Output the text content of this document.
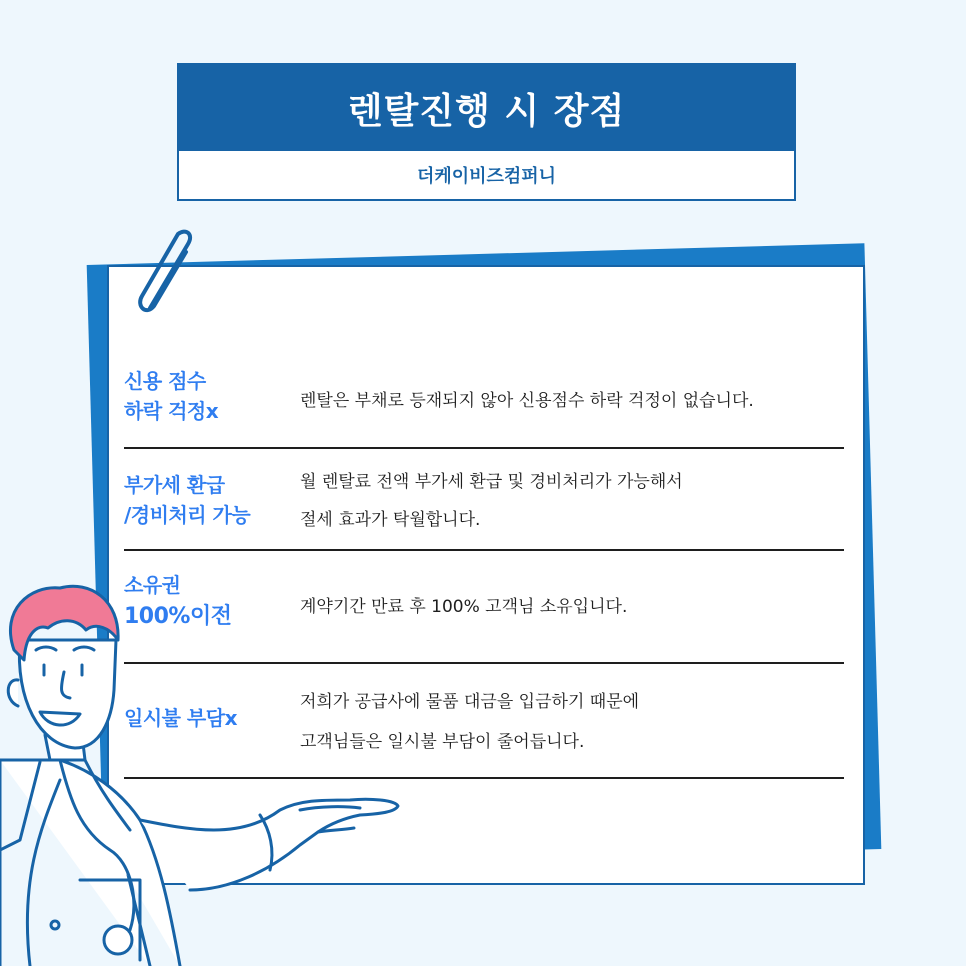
렌탈진행 시 장점
더케이비즈컴퍼니
신용 점수
하락 걱정x	렌탈은 부채로 등재되지 않아 신용점수 하락 걱정이 없습니다.
부가세 환급
/경비처리 가능
월 렌탈료 전액 부가세 환급 및 경비처리가 가능해서
절세 효과가 탁월합니다.
소유권
100%이전	계약기간 만료 후 100% 고객님 소유입니다.
일시불 부담x
저희가 공급사에 물품 대금을 입금하기 때문에
고객님들은 일시불 부담이 줄어듭니다.
